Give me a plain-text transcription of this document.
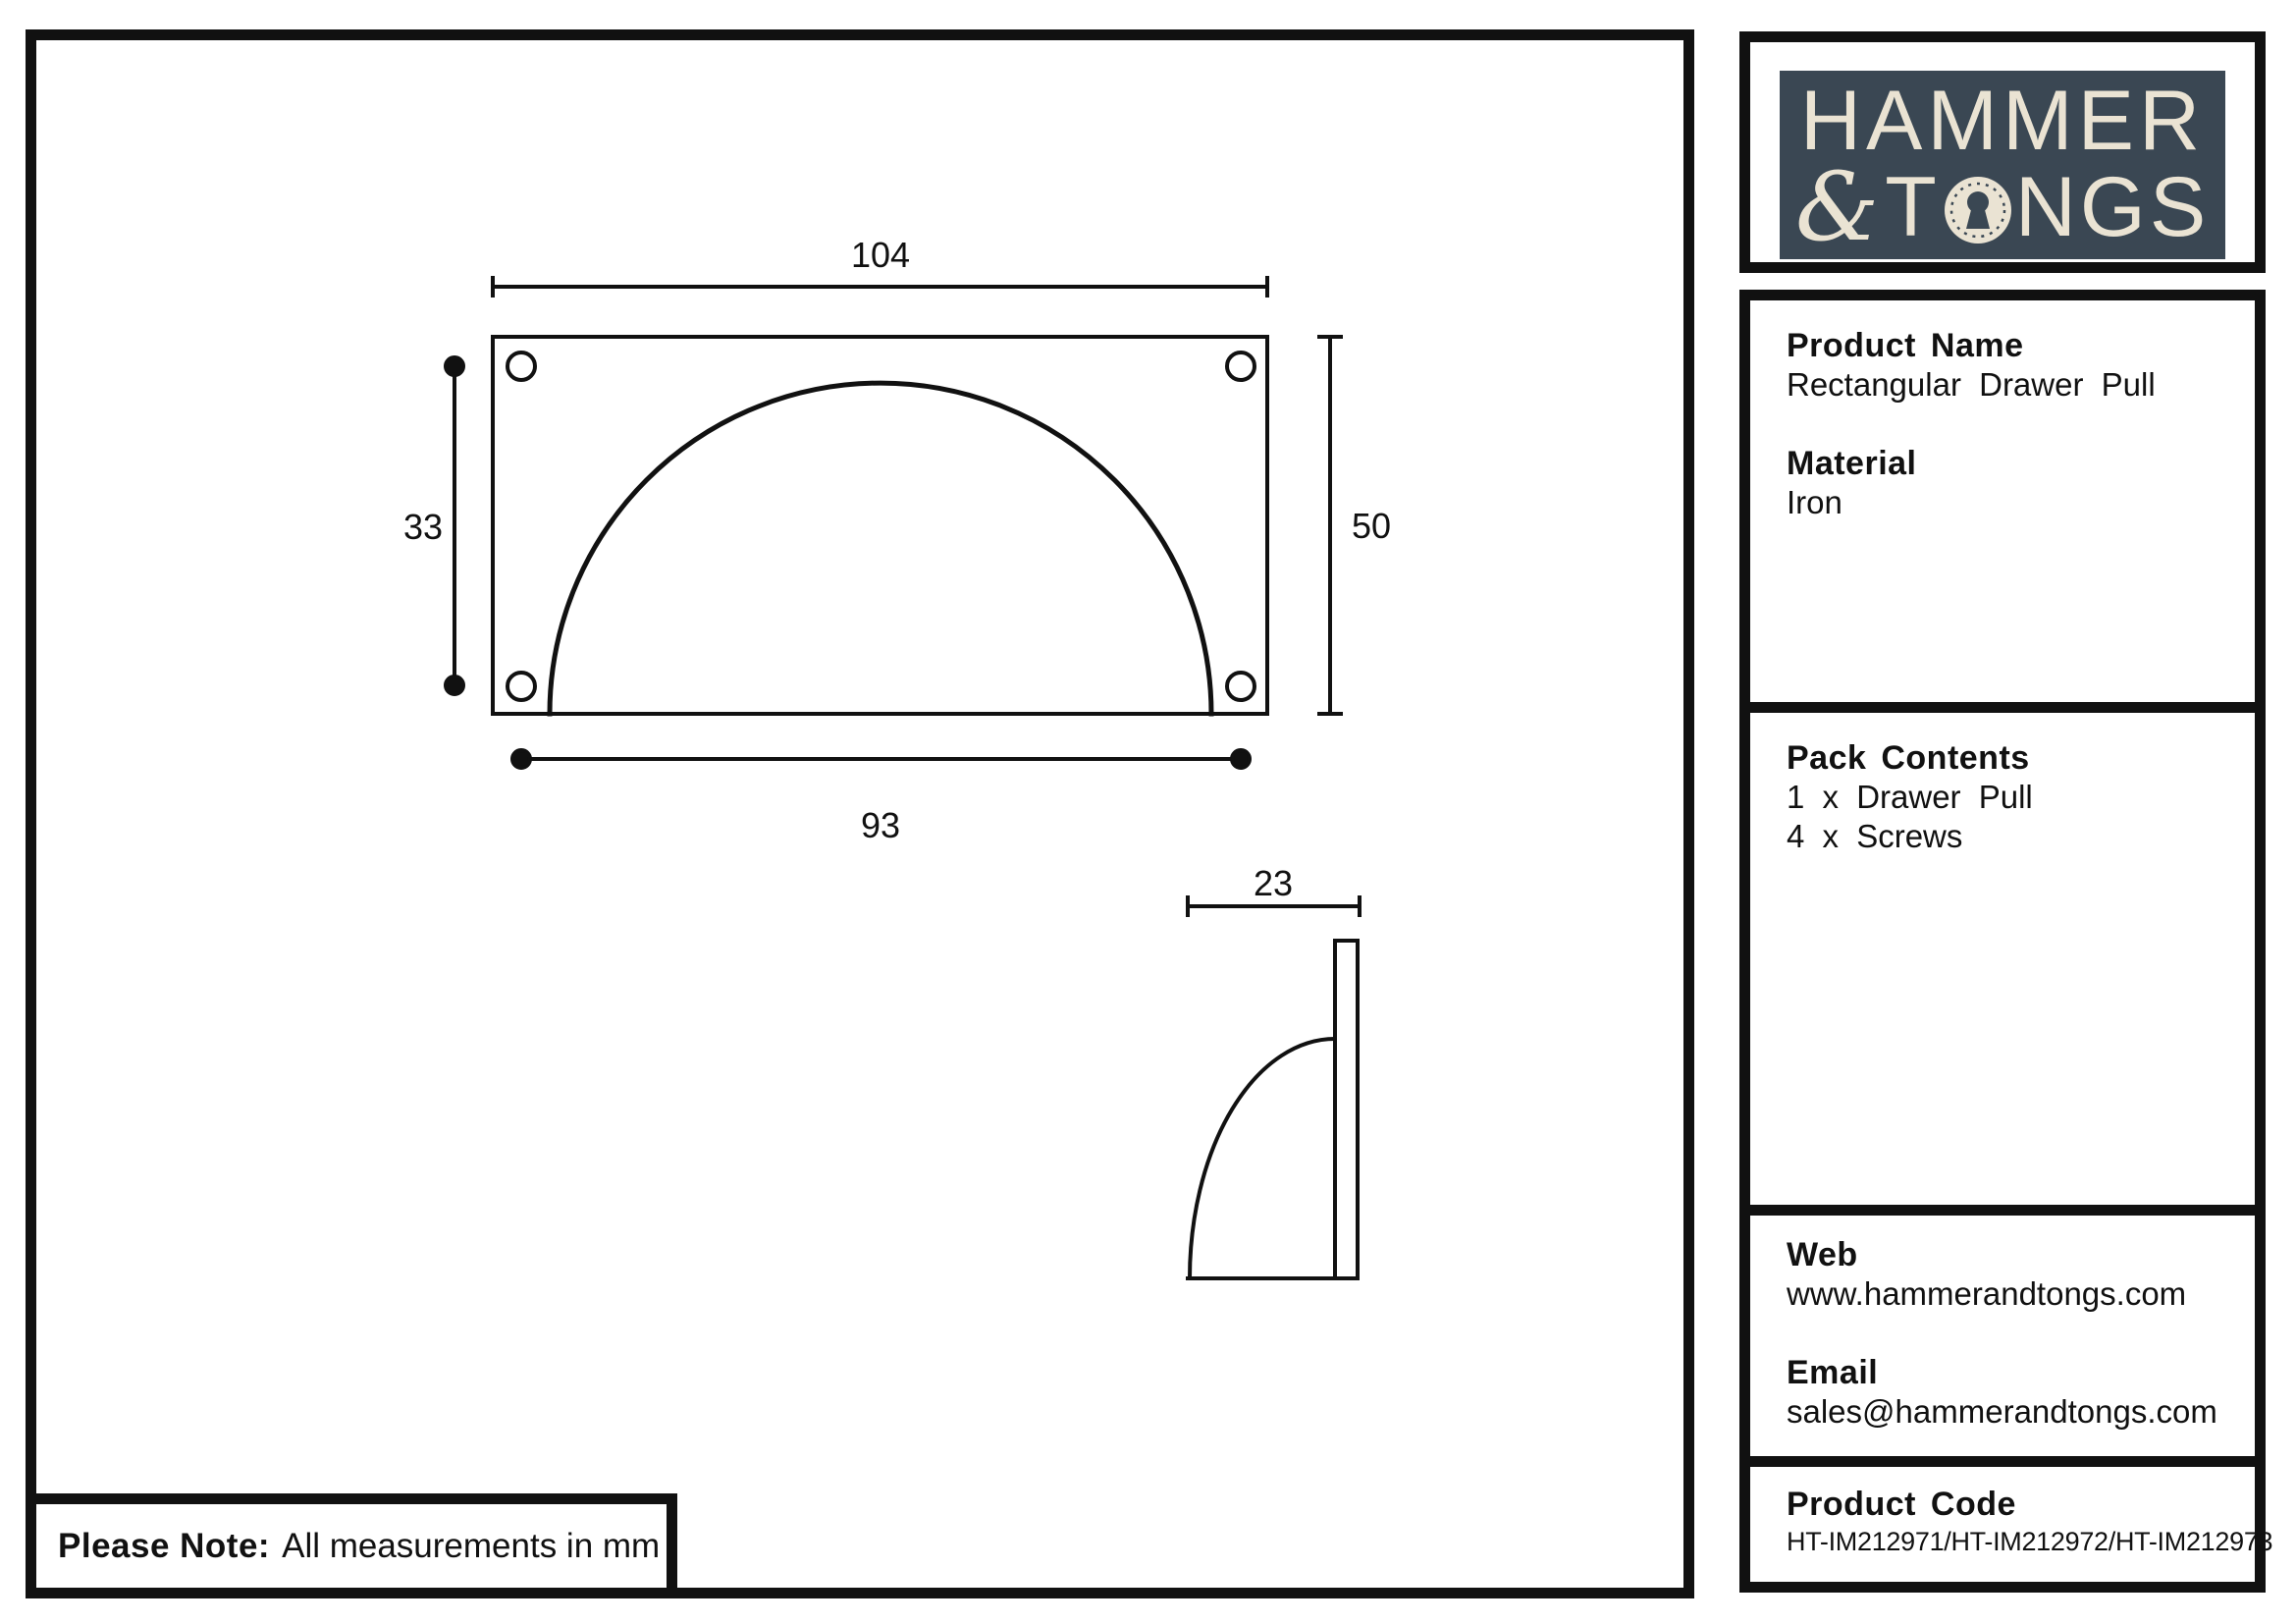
104
50
33
93
23
Please Note: All measurements in mm
HAMMER
& T NGS
Product Name
Rectangular Drawer Pull
Material
Iron
Pack Contents
1 x Drawer Pull
4 x Screws
Web
www.hammerandtongs.com
Email
sales@hammerandtongs.com
Product Code
HT-IM212971/HT-IM212972/HT-IM212973
